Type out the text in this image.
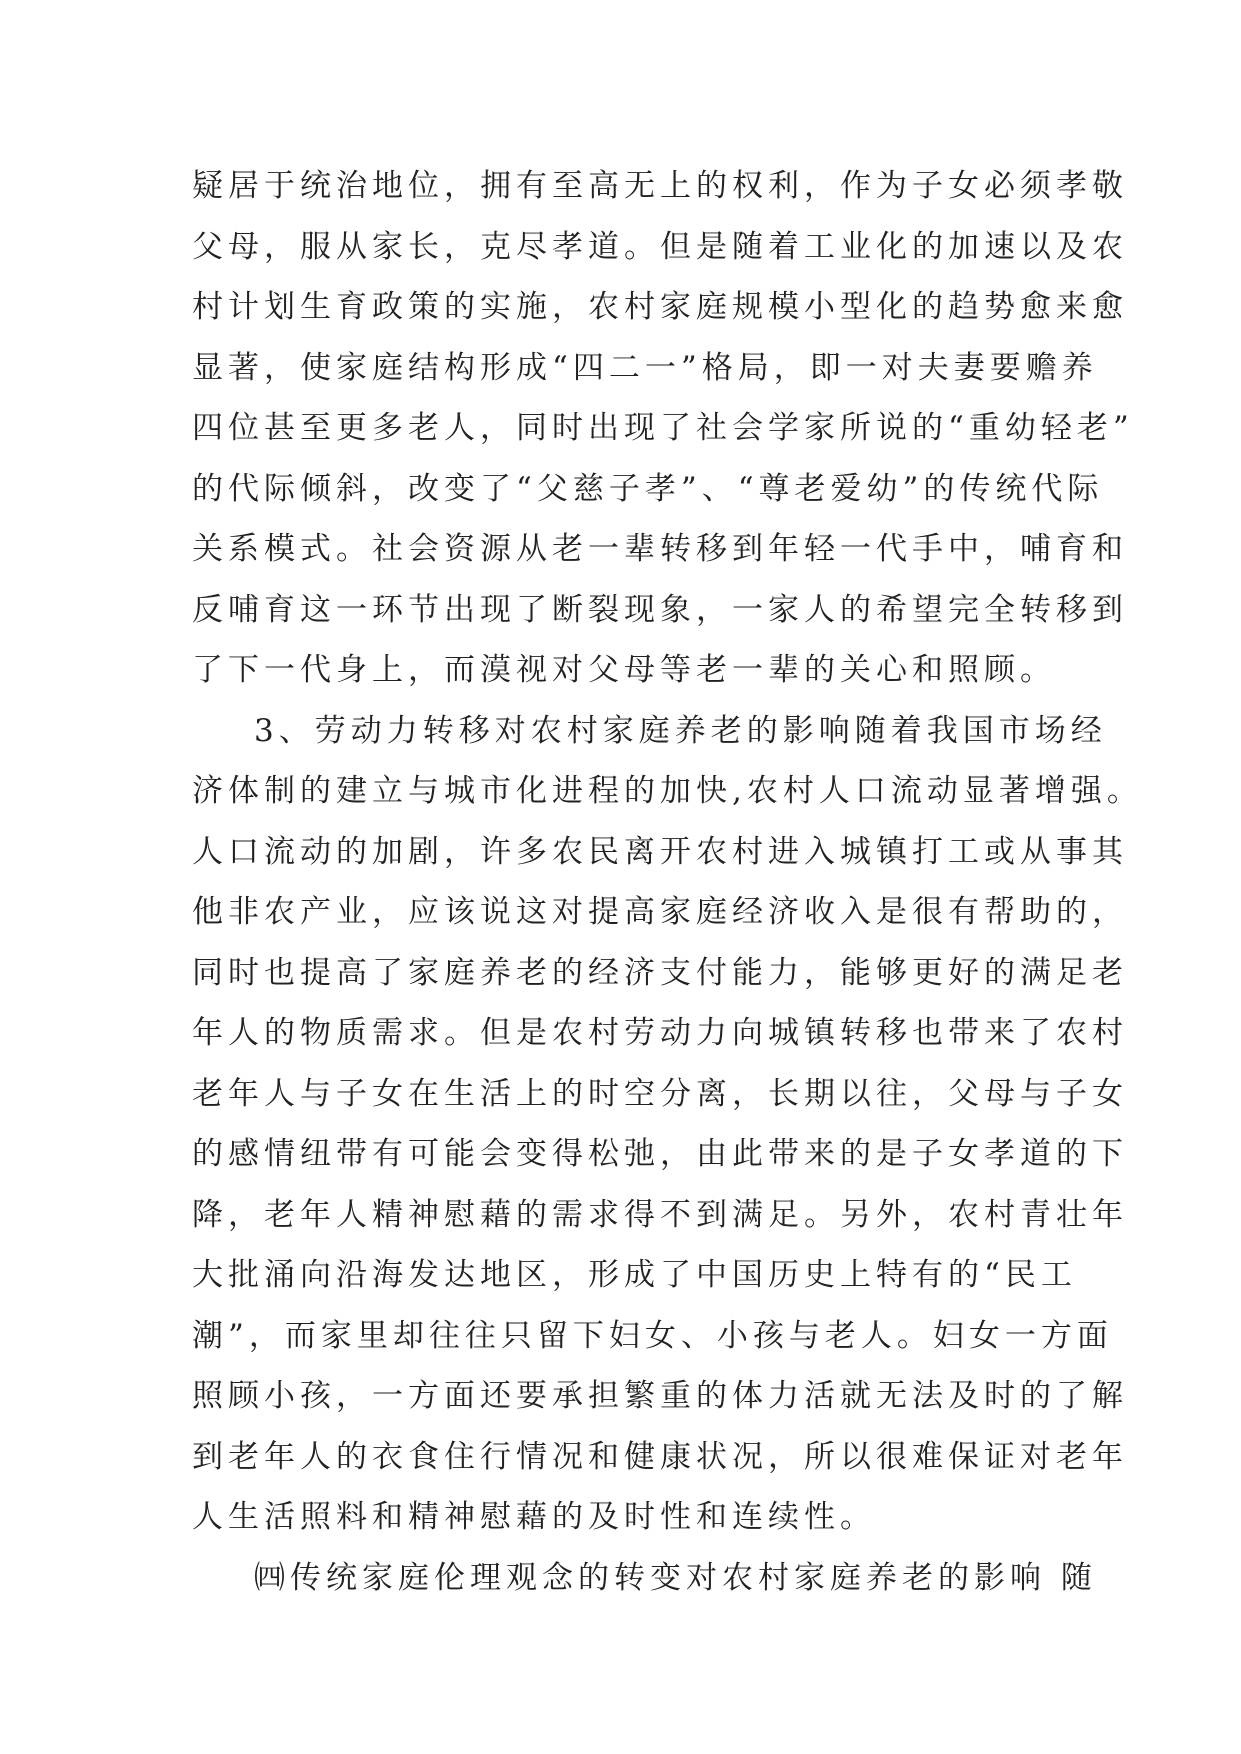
疑居于统治地位，拥有至高无上的权利，作为子女必须孝敬
父母，服从家长，克尽孝道。但是随着工业化的加速以及农
村计划生育政策的实施，农村家庭规模小型化的趋势愈来愈
显著，使家庭结构形成“四二一”格局，即一对夫妻要赡养
四位甚至更多老人，同时出现了社会学家所说的“重幼轻老”
的代际倾斜，改变了“父慈子孝”、“尊老爱幼”的传统代际
关系模式。社会资源从老一辈转移到年轻一代手中，哺育和
反哺育这一环节出现了断裂现象，一家人的希望完全转移到
了下一代身上，而漠视对父母等老一辈的关心和照顾。
3、劳动力转移对农村家庭养老的影响随着我国市场经
济体制的建立与城市化进程的加快,农村人口流动显著增强。
人口流动的加剧，许多农民离开农村进入城镇打工或从事其
他非农产业，应该说这对提高家庭经济收入是很有帮助的，
同时也提高了家庭养老的经济支付能力，能够更好的满足老
年人的物质需求。但是农村劳动力向城镇转移也带来了农村
老年人与子女在生活上的时空分离，长期以往，父母与子女
的感情纽带有可能会变得松弛，由此带来的是子女孝道的下
降，老年人精神慰藉的需求得不到满足。另外，农村青壮年
大批涌向沿海发达地区，形成了中国历史上特有的“民工
潮”，而家里却往往只留下妇女、小孩与老人。妇女一方面
照顾小孩，一方面还要承担繁重的体力活就无法及时的了解
到老年人的衣食住行情况和健康状况，所以很难保证对老年
人生活照料和精神慰藉的及时性和连续性。
㈣传统家庭伦理观念的转变对农村家庭养老的影响 随
